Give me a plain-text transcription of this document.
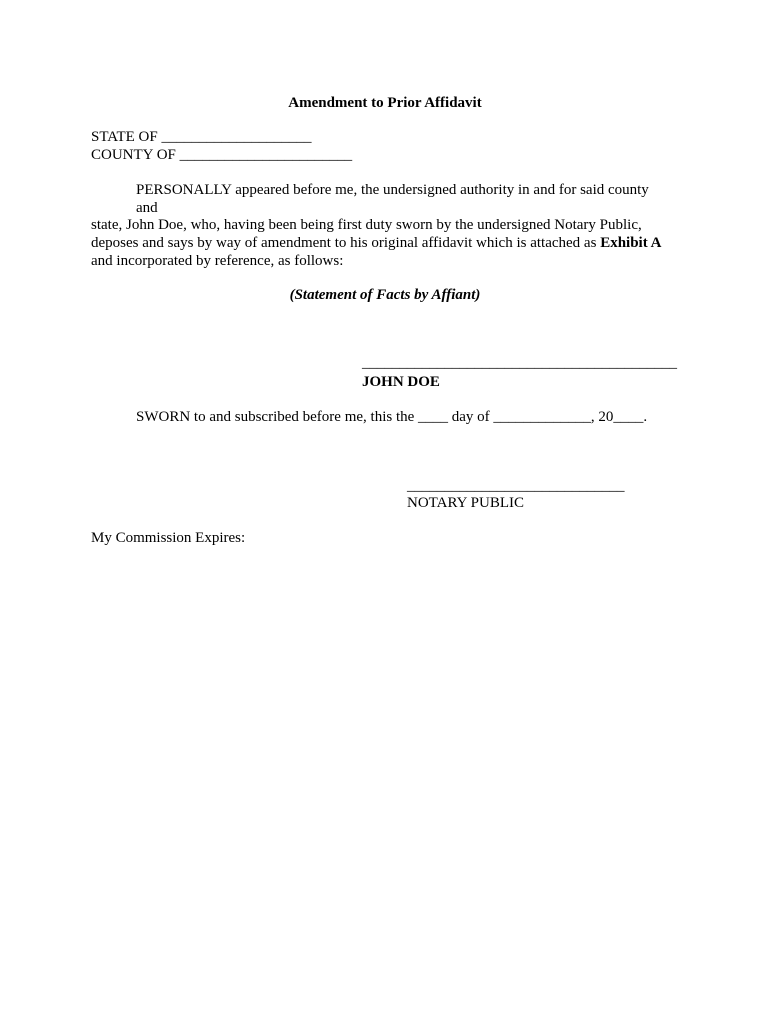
Amendment to Prior Affidavit
STATE OF ____________________
COUNTY OF _______________________
PERSONALLY appeared before me, the undersigned authority in and for said county
and
state, John Doe, who, having been being first duty sworn by the undersigned Notary Public,
deposes and says by way of amendment to his original affidavit which is attached as Exhibit A
and incorporated by reference, as follows:
(Statement of Facts by Affiant)
__________________________________________
JOHN DOE
SWORN to and subscribed before me, this the ____ day of _____________, 20____.
_____________________________
NOTARY PUBLIC
My Commission Expires:
